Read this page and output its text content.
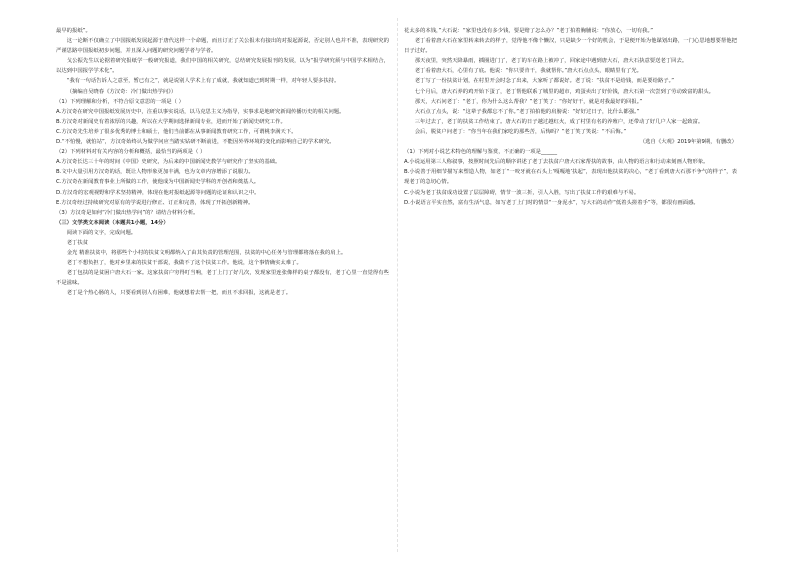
最早的报纸”。

这一论断不仅确立了中国报纸发展起源于唐代这样一个命题，而且订正了关公报未有接出的对报起源说，否定别人也并不准，表现研究的严谨思路中国报纸初步问题，并且深入问题的研究问题学者与学者。

戈公振先生以论据着研究报纸学一般研究报道，我们中国的相关研究，总结研究发展报刊的发展，以为“报学研究须与中国学术相结合，以达到中国报学学术化”。

“我有一句话告诉人之意至，暂已有之”，就是说别人学术上有了成就，我就知道已到时期一样，对年轻人要多扶持。

（摘编自吴晓春《方汉奇：冷门做出热学问》）

（1）下列理解和分析，不符合原文意思的一项是（ ）

A.方汉奇在研究中国报纸发展历史中，注重以事实说话，以马克思主义为指导，实事求是地研究新闻传播历史的相关问题。

B.方汉奇对新闻史有着浓厚的兴趣，所以在大学期间选择新闻专业，进而开始了新闻史研究工作。

C.方汉奇先生培养了很多优秀的博士和硕士，他们当前都在从事新闻教育研究工作，可谓桃李满天下。

D.“不怕慢，就怕站”，方汉奇始终认为做学问应当踏实钻研不断前进，不能因外界环境的变化而影响自己的学术研究。

（2）下列材料对有关内容的分析和概括，最恰当的两项是（ ）

A.方汉奇长达三十年的时间《中国》史研究，为后来的中国新闻史教学与研究作了坚实的基础。

B.文中大量引用方汉奇的话，既让人物形象更加丰满，也为文章内容增添了说服力。

C.方汉奇在新闻教育事业上所做的工作，使他成为中国新闻史学科的开创者和奠基人。

D.方汉奇的宏观视野和学术坚持精神，体现在他对报纸起源等问题的论证和认识之中。

E.方汉奇经过持续研究对原有的学说进行修正、订正和完善，体现了开拓创新精神。

（3）方汉奇是如何“冷门做出热学问”的？请结合材料分析。

（三）文学类文本阅读（本题共1小题，14分）

阅读下面的文字，完成问题。

老丁扶贫

金光 精准扶贫中，将那些个小村的扶贫文明都纳入了由其负责的管理范围，扶贫的中心任务与管理都将落在我的肩上。

老丁不想负担了，他对乡里来的扶贫干部说，我做不了这个扶贫工作。他说，这个事情确实太难了。

老丁包扶的是贫困户唐大石一家。这家扶贫户穷得叮当响，老丁上门了好几次，发现家里连张像样的桌子都没有，老丁心里一直觉得有些不是滋味。

老丁是个热心肠的人，只要看到别人有困难，他就想着去帮一把，而且不求回报，这就是老丁。

花太多的本钱，”大石说：“家里也没有多少钱，要是赔了怎么办？”老丁拍着胸脯说：“你放心，一切有我。”

老丁看着唐大石在家里转来转去的样子，觉得他不像个懒汉，只是缺少一个好的机会，于是便开始为他谋划出路，一门心思地想要帮他把日子过好。

那天夜里，突然天降暴雨，插圈进门了，老丁的车在路上被冲了，回家途中遇到唐大石，唐大石执意要送老丁回去。

老丁看着唐大石，心里有了底。他说：“你只要肯干，我就帮你。”唐大石点点头，眼睛里有了光。

老丁写了一份扶贫计划，在村里开会时念了出来，大家听了都说好。老丁说：“扶贫不是给钱，而是要给路子。”

七个月后，唐大石养的鸡开始下蛋了，老丁帮他联系了城里的超市，鸡蛋卖出了好价钱，唐大石第一次尝到了劳动致富的甜头。

那天，大石问老丁：“老丁，你为什么这么帮我？”老丁笑了：“你好好干，就是对我最好的回报。”

大石点了点头，说：“这辈子我都忘不了你。”老丁拍拍他的肩膀说：“好好过日子，比什么都强。”

三年过去了，老丁的扶贫工作结束了。唐大石的日子越过越红火，成了村里有名的养殖户，还带动了好几户人家一起致富。

会后，脱贫户问老丁：“你当年在我们家吃的那些苦，后悔吗？”老丁笑了笑说：“不后悔。”

（选自《大观》2019年第9期，有删改）

（1）下列对小说艺术特色的理解与鉴赏，不正确的一项是______

A.小说运用第三人称叙事，按照时间先后的顺序讲述了老丁去扶贫户唐大石家帮扶的故事，由人物的语言和行动来刻画人物形象。

B.小说善于用细节描写来塑造人物，如老丁“一咬牙就在石头上‘嘎嘎地’扶起”，表现出他扶贫的决心，“老丁看到唐大石那不争气的样子”，表现老丁的急切心情。

C.小说为老丁扶贫成功设置了层层障碍，情节一波三折，引人入胜，写出了扶贫工作的艰难与不易。

D.小说语言平实自然，富有生活气息，如写老丁上门时的情景“一身泥水”，写大石的动作“低着头搓着手”等，都很有画面感。
